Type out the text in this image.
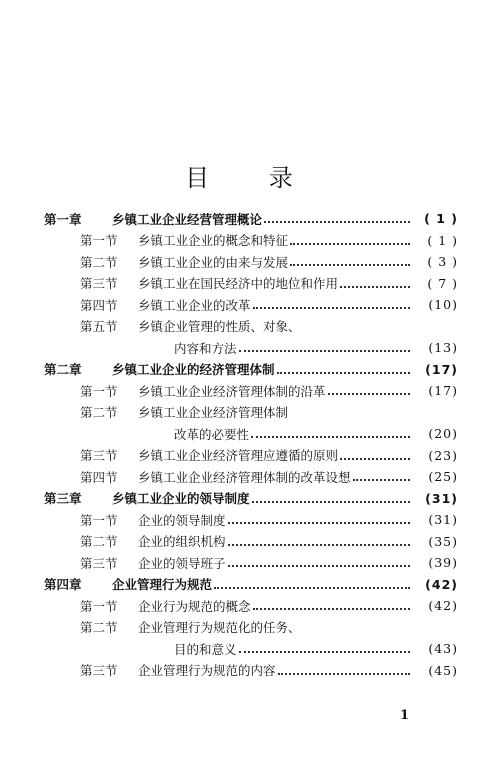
目 录
第一章	乡镇工业企业经营管理概论	( 1 )
第一节	乡镇工业企业的概念和特征	( 1 )
第二节	乡镇工业企业的由来与发展	( 3 )
第三节	乡镇工业在国民经济中的地位和作用	( 7 )
第四节	乡镇工业企业的改革	(10)
第五节	乡镇企业管理的性质、对象、
内容和方法	(13)
第二章	乡镇工业企业的经济管理体制	(17)
第一节	乡镇工业企业经济管理体制的沿革	(17)
第二节	乡镇工业企业经济管理体制
改革的必要性	(20)
第三节	乡镇工业企业经济管理应遵循的原则	(23)
第四节	乡镇工业企业经济管理体制的改革设想	(25)
第三章	乡镇工业企业的领导制度	(31)
第一节	企业的领导制度	(31)
第二节	企业的组织机构	(35)
第三节	企业的领导班子	(39)
第四章	企业管理行为规范	(42)
第一节	企业行为规范的概念	(42)
第二节	企业管理行为规范化的任务、
目的和意义	(43)
第三节	企业管理行为规范的内容	(45)
1
